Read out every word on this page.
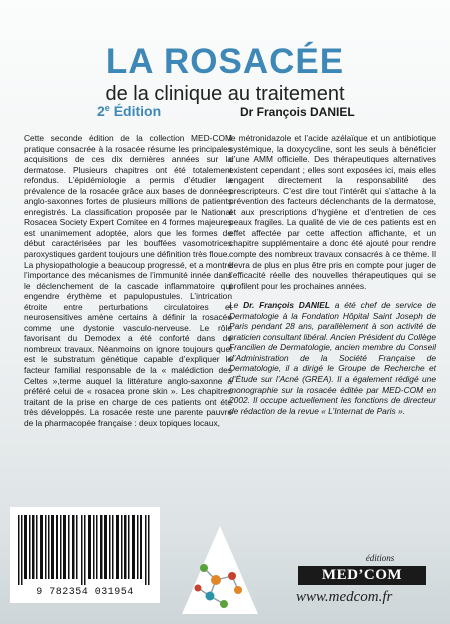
LA ROSACÉE
de la clinique au traitement
2e Édition	Dr François DANIEL

Cette seconde édition de la collection MED-COM pratique consacrée à la rosacée résume les principales acquisitions de ces dix dernières années sur la dermatose. Plusieurs chapitres ont été totalement refondus. L’épidémiologie a permis d’étudier la prévalence de la rosacée grâce aux bases de données anglo-saxonnes fortes de plusieurs millions de patients enregistrés. La classification proposée par le National Rosacea Society Expert Comitee en 4 formes majeures est unanimement adoptée, alors que les formes de début caractérisées par les bouffées vasomotrices paroxystiques gardent toujours une définition très floue.

La physiopathologie a beaucoup progressé, et a montré l’importance des mécanismes de l’immunité innée dans le déclenchement de la cascade inflammatoire qui engendre érythème et papulopustules. L’intrication étroite entre perturbations circulatoires et neurosensitives amène certains à définir la rosacée comme une dystonie vasculo-nerveuse. Le rôle favorisant du Demodex a été conforté dans de nombreux travaux. Néanmoins on ignore toujours quel est le substratum génétique capable d’expliquer le facteur familial responsable de la « malédiction des Celtes »,terme auquel la littérature anglo-saxonne a préféré celui de « rosacea prone skin ». Les chapitres traitant de la prise en charge de ces patients ont été très développés. La rosacée reste une parente pauvre de la pharmacopée française : deux topiques locaux,

le métronidazole et l’acide azélaïque et un antibiotique systémique, la doxycycline, sont les seuls à bénéficier d’une AMM officielle. Des thérapeutiques alternatives existent cependant ; elles sont exposées ici, mais elles engagent directement la responsabilité des prescripteurs. C’est dire tout l’intérêt qui s’attache à la prévention des facteurs déclenchants de la dermatose, et aux prescriptions d’hygiène et d’entretien de ces peaux fragiles. La qualité de vie de ces patients est en effet affectée par cette affection affichante, et un chapitre supplémentaire a donc été ajouté pour rendre compte des nombreux travaux consacrés à ce thème. Il devra de plus en plus être pris en compte pour juger de l’efficacité réelle des nouvelles thérapeutiques qui se profilent pour les prochaines années.

Le Dr. François DANIEL a été chef de service de Dermatologie à la Fondation Hôpital Saint Joseph de Paris pendant 28 ans, parallèlement à son activité de praticien consultant libéral. Ancien Président du Collège Francilien de Dermatologie, ancien membre du Conseil d’Administration de la Société Française de Dermatologie, il a dirigé le Groupe de Recherche et d’Étude sur l’Acné (GREA). Il a également rédigé une monographie sur la rosacée éditée par MED-COM en 2002. Il occupe actuellement les fonctions de directeur de rédaction de la revue « L’Internat de Paris ».

9 782354 031954
éditions
MED’COM
www.medcom.fr
